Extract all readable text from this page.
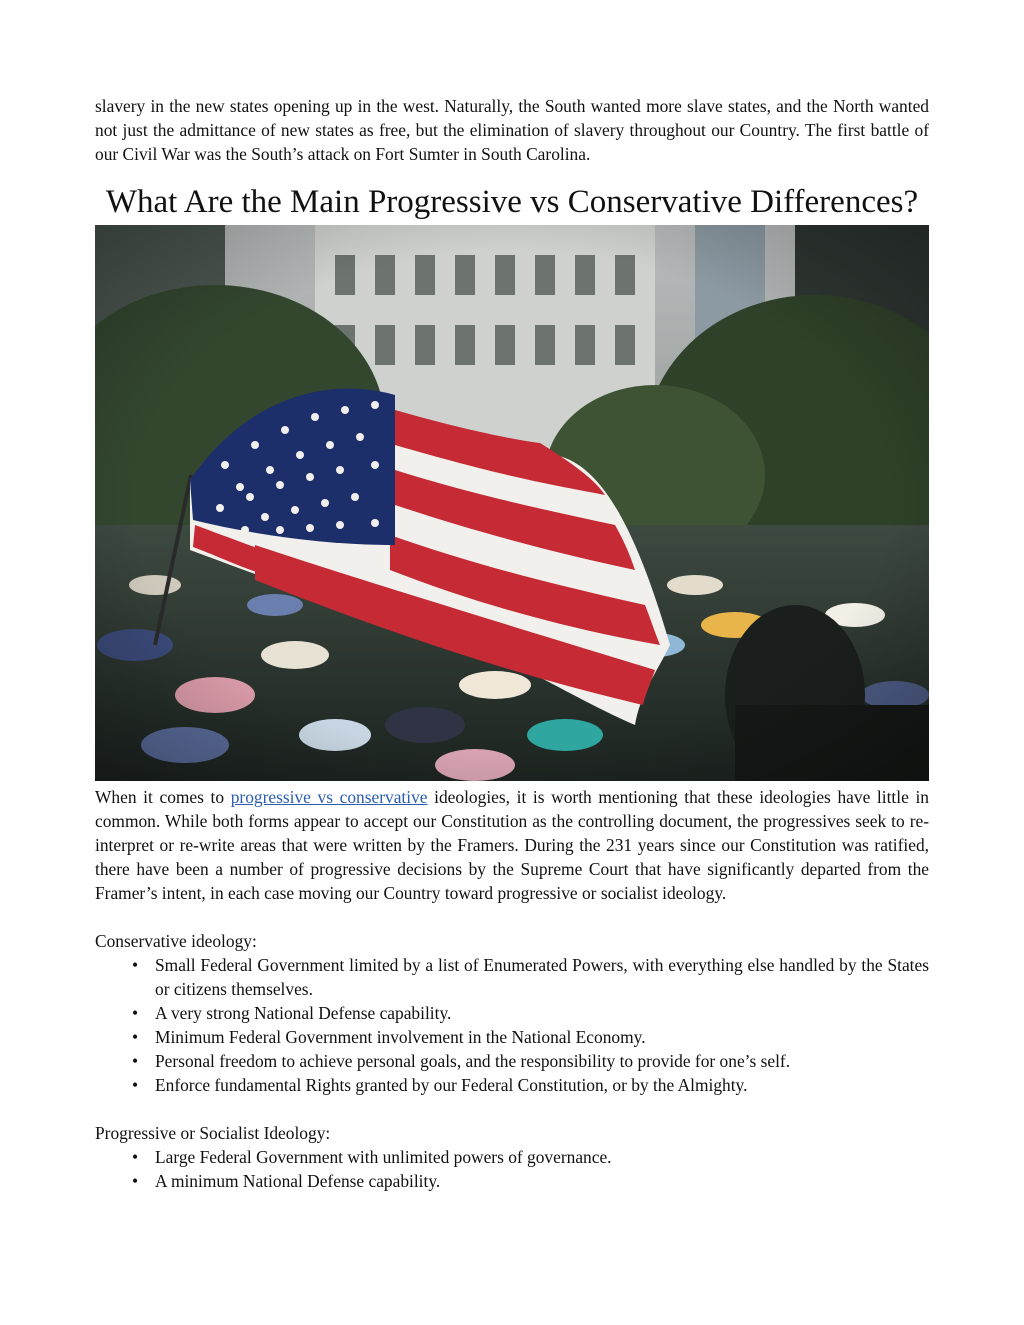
slavery in the new states opening up in the west. Naturally, the South wanted more slave states, and the North wanted not just the admittance of new states as free, but the elimination of slavery throughout our Country. The first battle of our Civil War was the South’s attack on Fort Sumter in South Carolina.

What Are the Main Progressive vs Conservative Differences?

When it comes to progressive vs conservative ideologies, it is worth mentioning that these ideologies have little in common. While both forms appear to accept our Constitution as the controlling document, the progressives seek to re-interpret or re-write areas that were written by the Framers. During the 231 years since our Constitution was ratified, there have been a number of progressive decisions by the Supreme Court that have significantly departed from the Framer’s intent, in each case moving our Country toward progressive or socialist ideology.

Conservative ideology:

• Small Federal Government limited by a list of Enumerated Powers, with everything else handled by the States or citizens themselves.
• A very strong National Defense capability.
• Minimum Federal Government involvement in the National Economy.
• Personal freedom to achieve personal goals, and the responsibility to provide for one’s self.
• Enforce fundamental Rights granted by our Federal Constitution, or by the Almighty.

Progressive or Socialist Ideology:

• Large Federal Government with unlimited powers of governance.
• A minimum National Defense capability.
